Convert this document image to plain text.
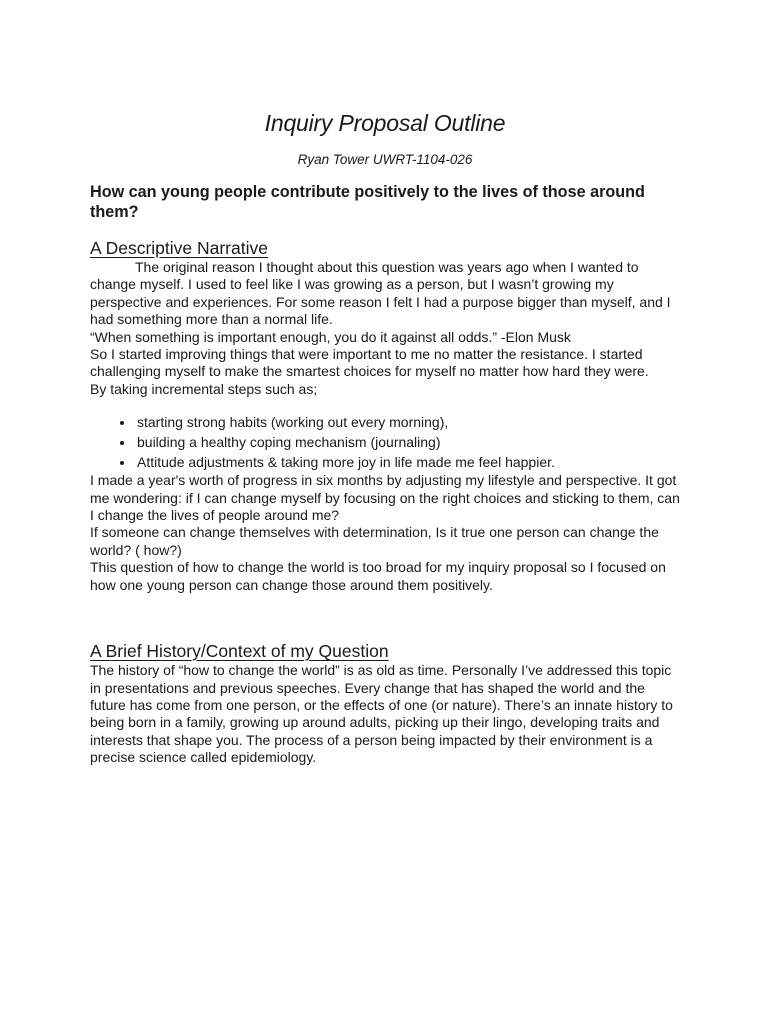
Inquiry Proposal Outline
Ryan Tower UWRT-1104-026
How can young people contribute positively to the lives of those around them?
A Descriptive Narrative

The original reason I thought about this question was years ago when I wanted to change myself. I used to feel like I was growing as a person, but I wasn’t growing my perspective and experiences. For some reason I felt I had a purpose bigger than myself, and I had something more than a normal life.

“When something is important enough, you do it against all odds.” -Elon Musk

So I started improving things that were important to me no matter the resistance. I started challenging myself to make the smartest choices for myself no matter how hard they were.

By taking incremental steps such as;

• starting strong habits (working out every morning),
• building a healthy coping mechanism (journaling)
• Attitude adjustments & taking more joy in life made me feel happier.

I made a year's worth of progress in six months by adjusting my lifestyle and perspective. It got me wondering: if I can change myself by focusing on the right choices and sticking to them, can I change the lives of people around me?

If someone can change themselves with determination, Is it true one person can change the world? ( how?)

This question of how to change the world is too broad for my inquiry proposal so I focused on how one young person can change those around them positively.

A Brief History/Context of my Question

The history of “how to change the world” is as old as time. Personally I’ve addressed this topic in presentations and previous speeches. Every change that has shaped the world and the future has come from one person, or the effects of one (or nature). There’s an innate history to being born in a family, growing up around adults, picking up their lingo, developing traits and interests that shape you. The process of a person being impacted by their environment is a precise science called epidemiology.
